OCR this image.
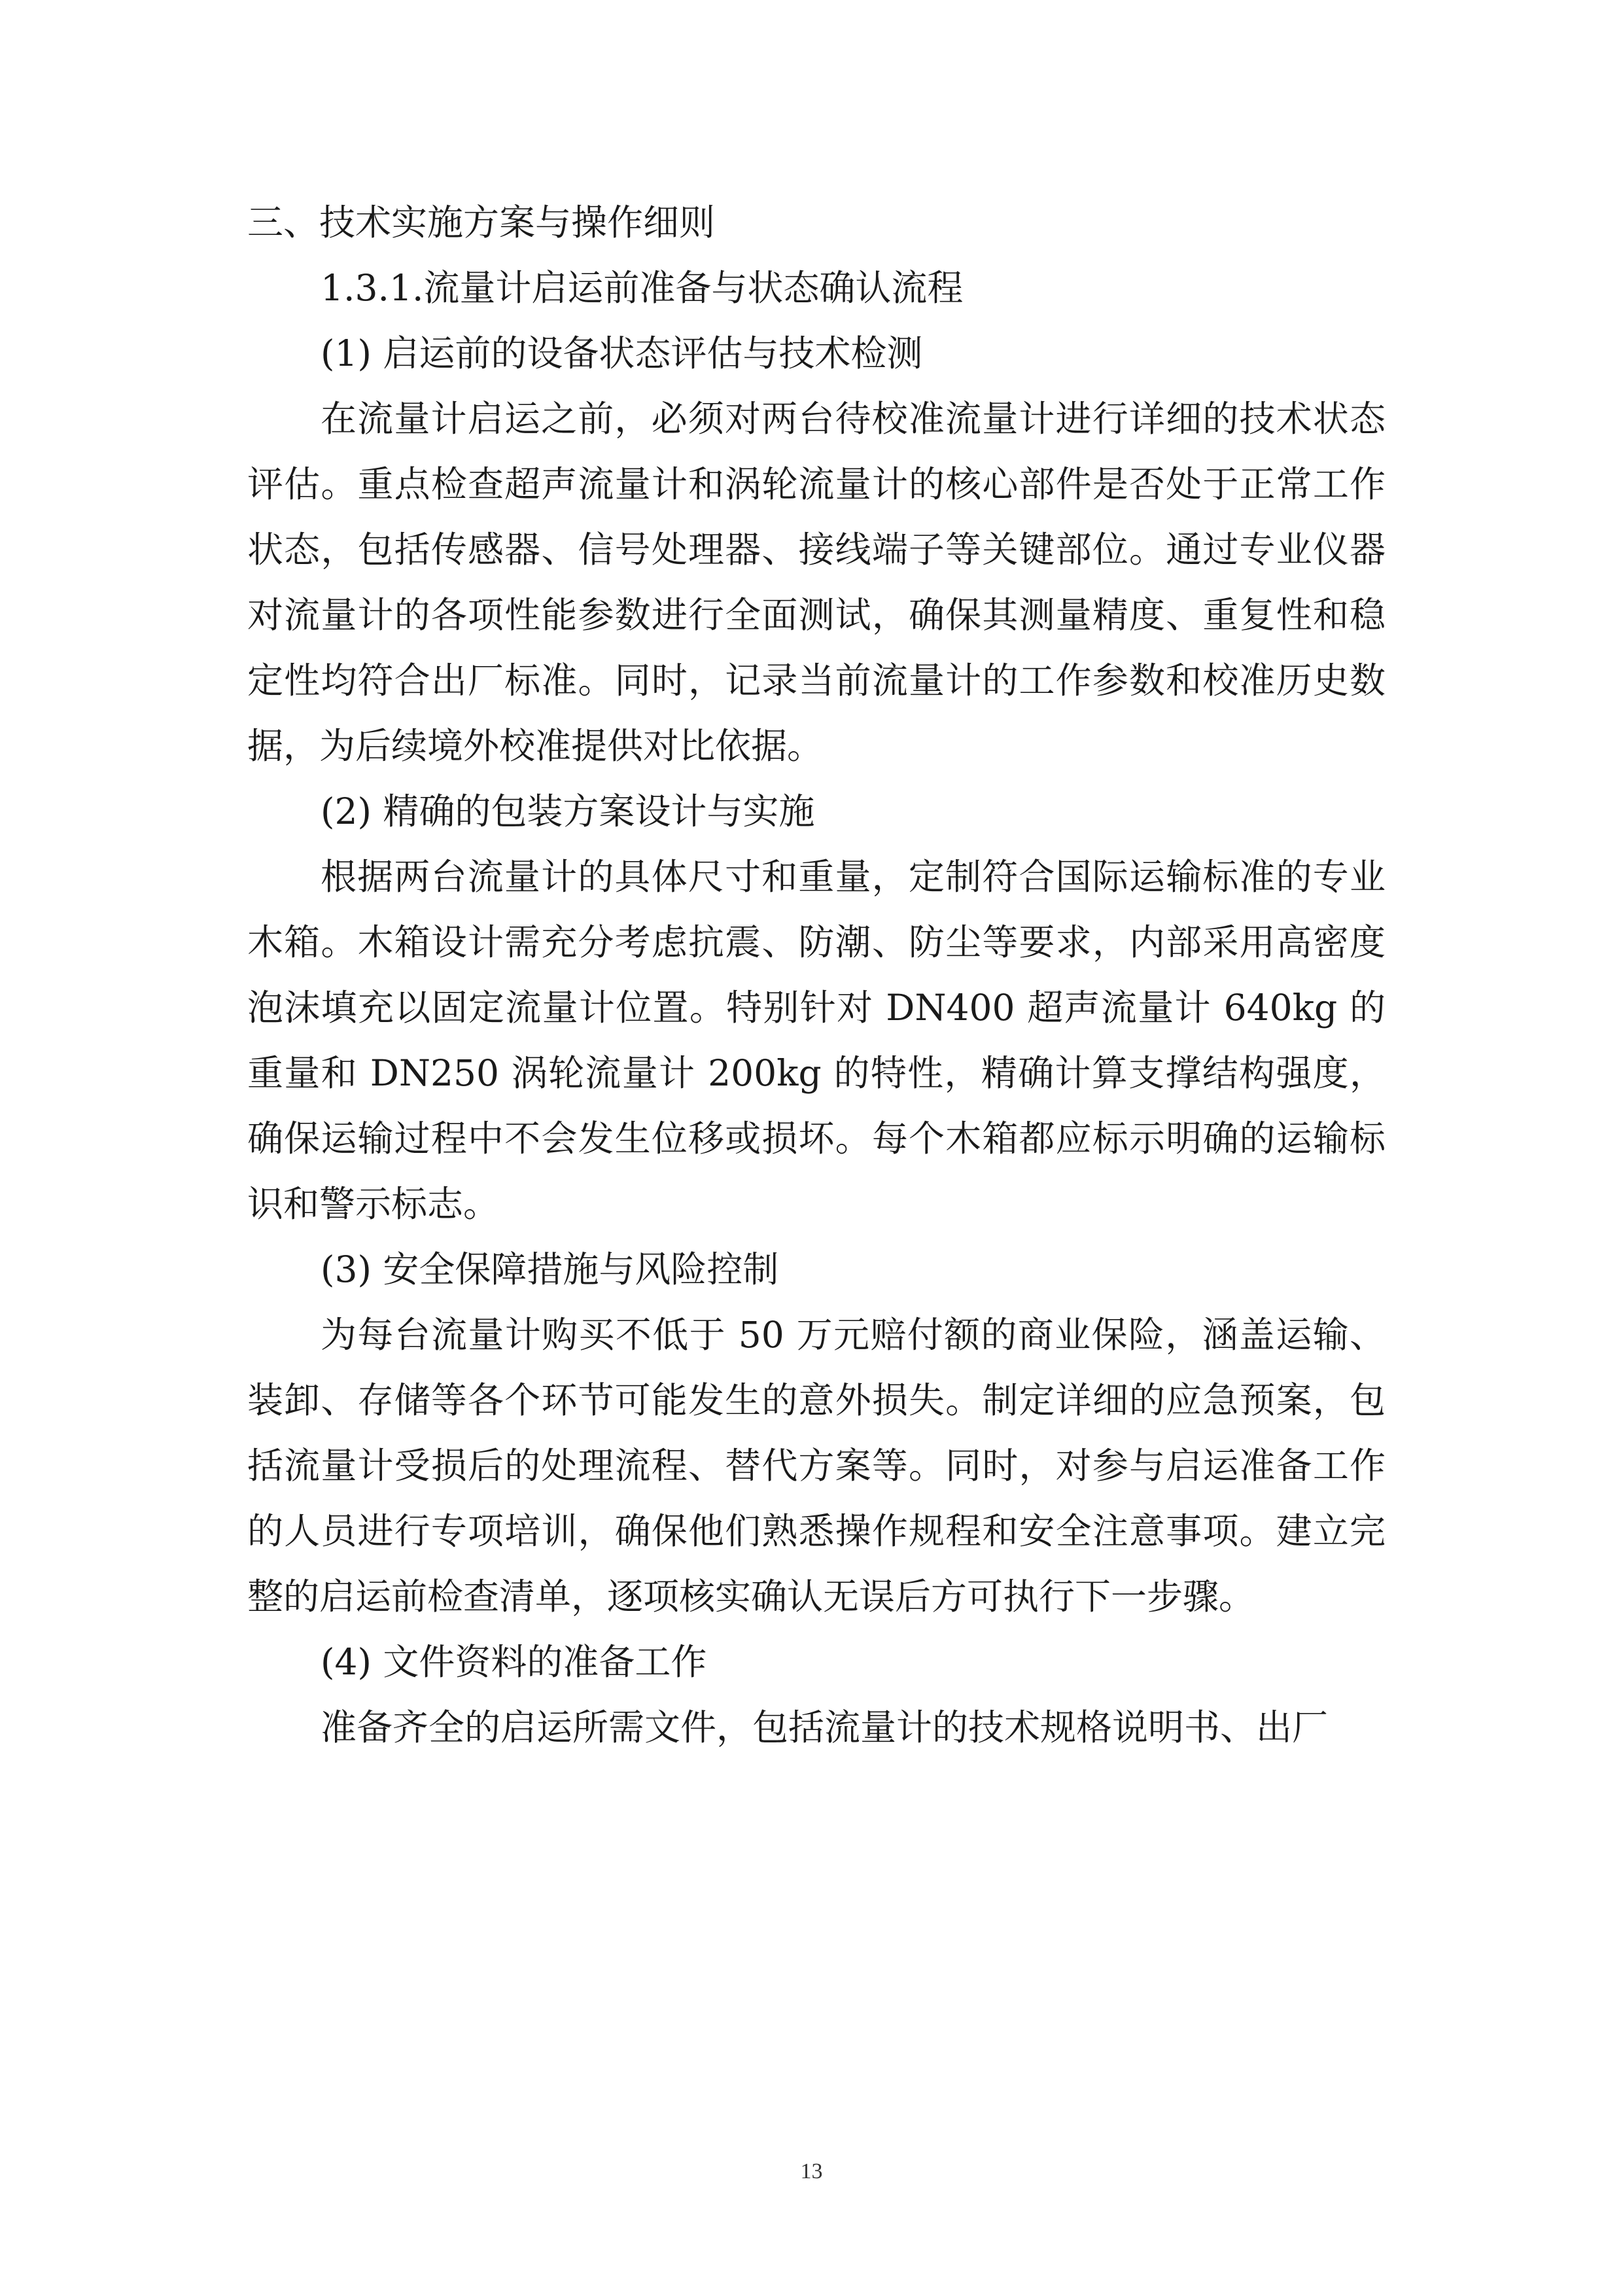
三、技术实施方案与操作细则

1.3.1.流量计启运前准备与状态确认流程

(1) 启运前的设备状态评估与技术检测

在流量计启运之前，必须对两台待校准流量计进行详细的技术状态评估。重点检查超声流量计和涡轮流量计的核心部件是否处于正常工作状态，包括传感器、信号处理器、接线端子等关键部位。通过专业仪器对流量计的各项性能参数进行全面测试，确保其测量精度、重复性和稳定性均符合出厂标准。同时，记录当前流量计的工作参数和校准历史数据，为后续境外校准提供对比依据。

(2) 精确的包装方案设计与实施

根据两台流量计的具体尺寸和重量，定制符合国际运输标准的专业木箱。木箱设计需充分考虑抗震、防潮、防尘等要求，内部采用高密度泡沫填充以固定流量计位置。特别针对 DN400 超声流量计 640kg 的重量和 DN250 涡轮流量计 200kg 的特性，精确计算支撑结构强度，确保运输过程中不会发生位移或损坏。每个木箱都应标示明确的运输标识和警示标志。

(3) 安全保障措施与风险控制

为每台流量计购买不低于 50 万元赔付额的商业保险，涵盖运输、装卸、存储等各个环节可能发生的意外损失。制定详细的应急预案，包括流量计受损后的处理流程、替代方案等。同时，对参与启运准备工作的人员进行专项培训，确保他们熟悉操作规程和安全注意事项。建立完整的启运前检查清单，逐项核实确认无误后方可执行下一步骤。

(4) 文件资料的准备工作

准备齐全的启运所需文件，包括流量计的技术规格说明书、出厂

13
